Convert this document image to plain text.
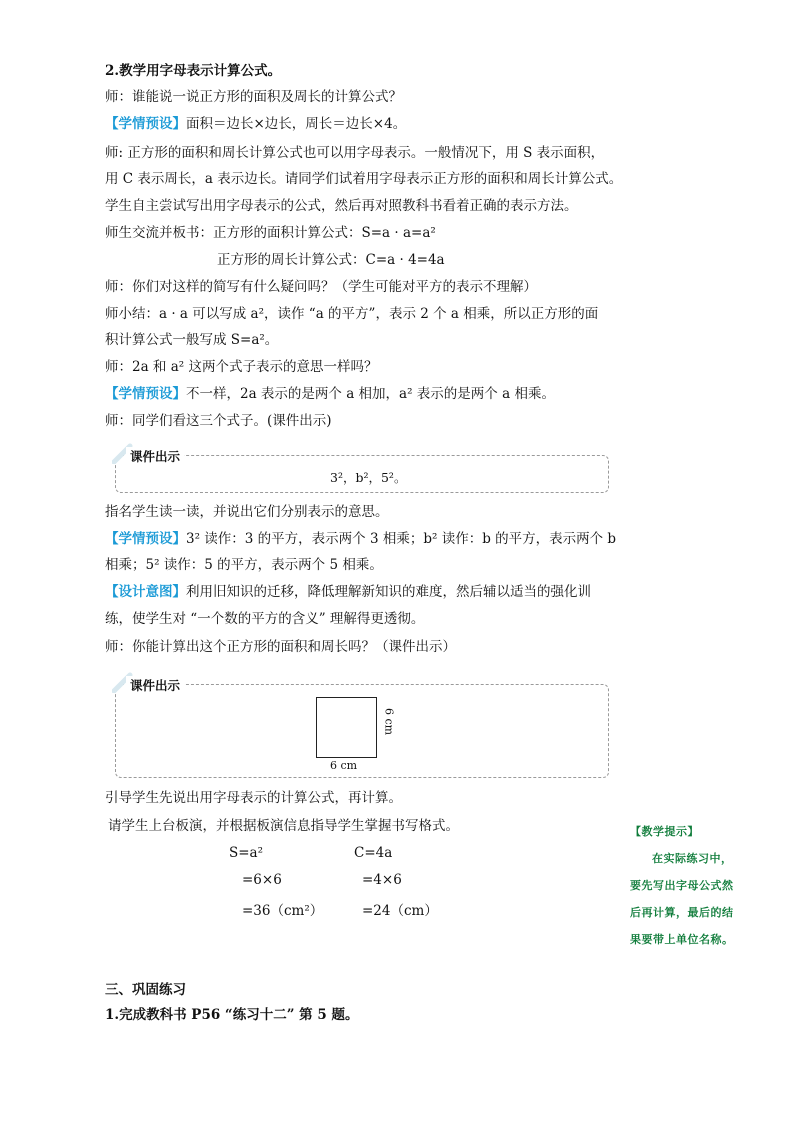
2.教学用字母表示计算公式。
师：谁能说一说正方形的面积及周长的计算公式？
【学情预设】面积＝边长×边长，周长＝边长×4。
师: 正方形的面积和周长计算公式也可以用字母表示。一般情况下，用 S 表示面积，
用 C 表示周长，a 表示边长。请同学们试着用字母表示正方形的面积和周长计算公式。
学生自主尝试写出用字母表示的公式，然后再对照教科书看着正确的表示方法。
师生交流并板书：正方形的面积计算公式：S=a · a=a²
正方形的周长计算公式：C=a · 4=4a
师：你们对这样的简写有什么疑问吗？（学生可能对平方的表示不理解）
师小结：a · a 可以写成 a²，读作 “a 的平方”，表示 2 个 a 相乘，所以正方形的面
积计算公式一般写成 S=a²。
师：2a 和 a² 这两个式子表示的意思一样吗？
【学情预设】不一样，2a 表示的是两个 a 相加，a² 表示的是两个 a 相乘。
师：同学们看这三个式子。(课件出示)
课件出示
3²，b²，5²。
指名学生读一读，并说出它们分别表示的意思。
【学情预设】3² 读作：3 的平方，表示两个 3 相乘；b² 读作：b 的平方，表示两个 b
相乘；5² 读作：5 的平方，表示两个 5 相乘。
【设计意图】利用旧知识的迁移，降低理解新知识的难度，然后辅以适当的强化训
练，使学生对 “一个数的平方的含义” 理解得更透彻。
师：你能计算出这个正方形的面积和周长吗？（课件出示）
课件出示
6 cm
6 cm
引导学生先说出用字母表示的计算公式，再计算。
请学生上台板演，并根据板演信息指导学生掌握书写格式。
S=a²
=6×6
=36（cm²）
C=4a
=4×6
=24（cm）
【教学提示】
在实际练习中，
要先写出字母公式然
后再计算，最后的结
果要带上单位名称。
三、巩固练习
1.完成教科书 P56 “练习十二” 第 5 题。
